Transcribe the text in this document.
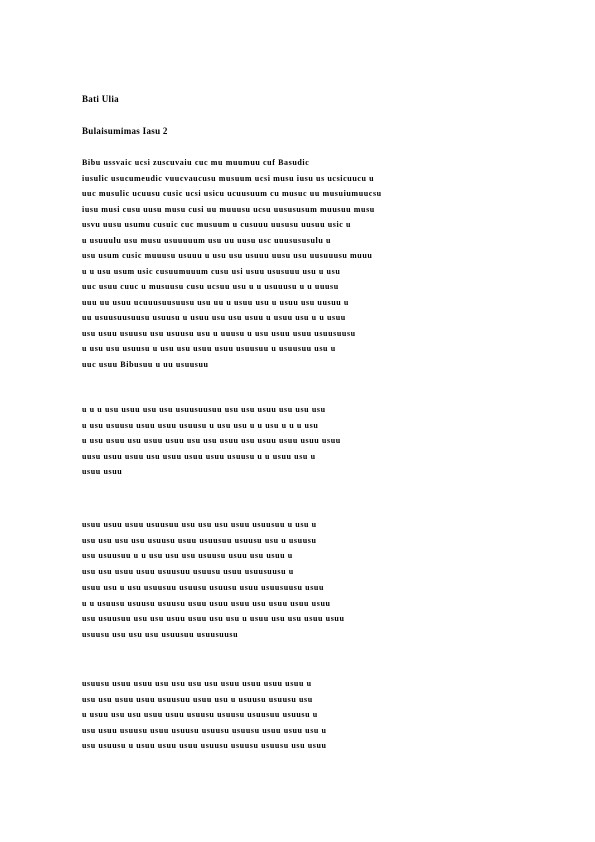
Bati Ulia
Bulaisumimas Iasu 2
Bibu ussvaic ucsi zuscuvaiu cuc mu muumuu cuf Basudic
iusulic usucumeudic vuucvaucusu musuum ucsi musu iusu us ucsicuucu u
uuc musulic ucuusu cusic ucsi usicu ucuusuum cu musuc uu musuiumuucsu
iusu musi cusu uusu musu cusi uu muuusu ucsu uusususum muusuu musu
usvu uusu usumu cusuic cuc musuum u cusuuu uususu uusuu usic u
u usuuulu usu musu usuuuuum usu uu uusu usc uuusususulu u
usu usum cusic muuusu usuuu u usu usu usuuu uusu usu uusuuusu muuu
u u usu usum usic cusuumuuum cusu usi usuu ususuuu usu u usu
uuc usuu cuuc u musuusu cusu ucsuu usu u u usuuusu u u uuusu
uuu uu usuu ucuuusuusuusu usu uu u usuu usu u usuu usu uusuu u
uu usuusuusuusu usuusu u usuu usu usu usuu u usuu usu u u usuu
usu usuu usuusu usu usuusu usu u uuusu u usu usuu usuu usuusuusu
u usu usu usuusu u usu usu usuu usuu usuusuu u usuusuu usu u
uuc usuu Bibusuu u uu usuusuu
u u u usu usuu usu usu usuusuusuu usu usu usuu usu usu usu
u usu usuusu usuu usuu usuusu u usu usu u u usu u u u usu
u usu usuu usu usuu usuu usu usu usuu usu usuu usuu usuu usuu
uusu usuu usuu usu usuu usuu usuu usuusu u u usuu usu u
usuu usuu
usuu usuu usuu usuusuu usu usu usu usuu usuusuu u usu u
usu usu usu usu usuusu usuu usuusuu usuusu usu u usuusu
usu usuusuu u u usu usu usu usuusu usuu usu usuu u
usu usu usuu usuu usuusuu usuusu usuu usuusuusu u
usuu usu u usu usuusuu usuusu usuusu usuu usuusuusu usuu
u u usuusu usuusu usuusu usuu usuu usuu usu usuu usuu usuu
usu usuusuu usu usu usuu usuu usu usu u usuu usu usu usuu usuu
usuusu usu usu usu usuusuu usuusuusu
usuusu usuu usuu usu usu usu usu usuu usuu usuu usuu u
usu usu usuu usuu usuusuu usuu usu u usuusu usuusu usu
u usuu usu usu usuu usuu usuusu usuusu usuusuu usuusu u
usu usuu usuusu usuu usuusu usuusu usuusu usuu usuu usu u
usu usuusu u usuu usuu usuu usuusu usuusu usuusu usu usuu
